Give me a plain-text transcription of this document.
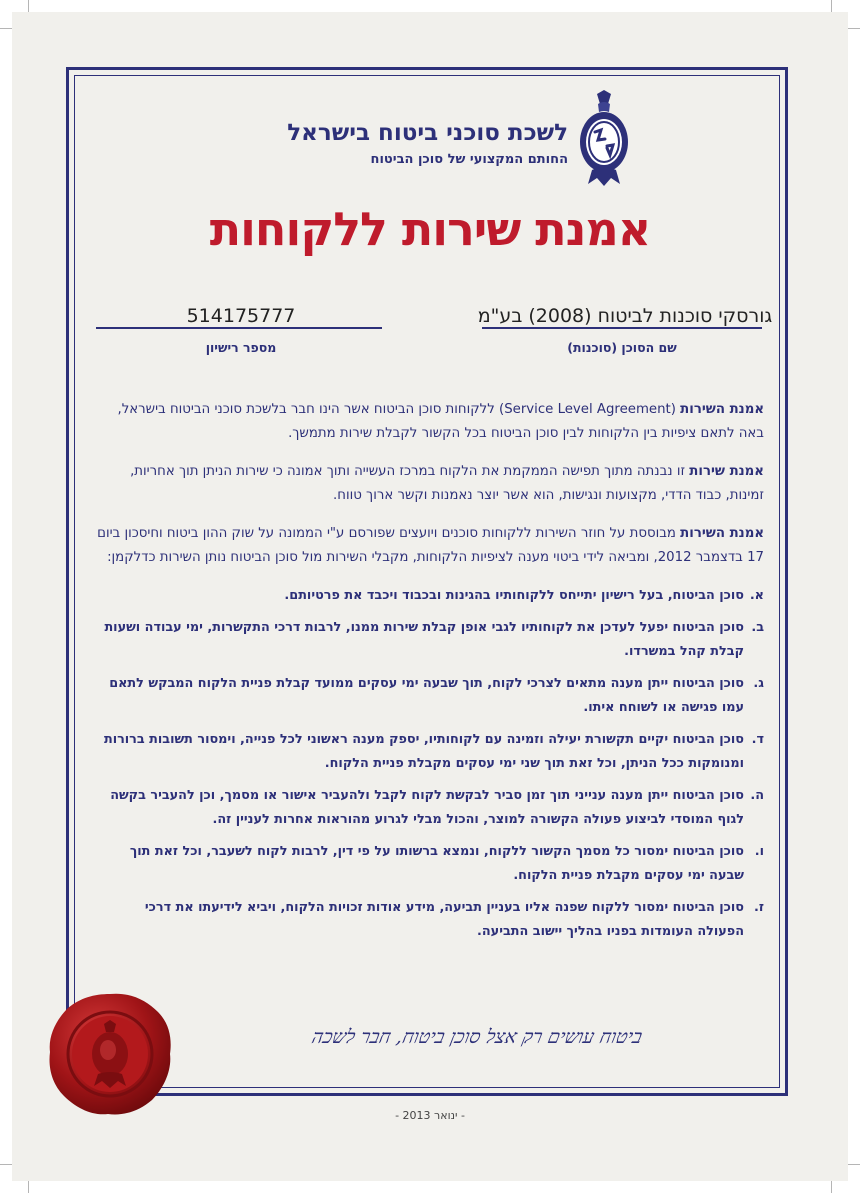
לשכת סוכני ביטוח בישראל
החותם המקצועי של סוכן הביטוח
אמנת שירות ללקוחות
גורסקי סוכנות לביטוח (2008) בע"מ
שם הסוכן (סוכנות)
514175777
מספר רישיון

אמנת השירות (Service Level Agreement) ללקוחות סוכן הביטוח אשר הינו חבר בלשכת סוכני הביטוח בישראל, באה לתאם ציפיות בין הלקוחות לבין סוכן הביטוח בכל הקשור לקבלת שירות מתמשך.

אמנת שירות זו נבנתה מתוך תפישה הממקמת את הלקוח במרכז העשייה ותוך אמונה כי שירות הניתן תוך אחריות, זמינות, כבוד הדדי, מקצועות ונגישות, הוא אשר יוצר נאמנות וקשר ארוך טווח.

אמנת השירות מבוססת על חוזר השירות ללקוחות סוכנים ויועצים שפורסם ע"י הממונה על שוק ההון ביטוח וחיסכון ביום 17 בדצמבר 2012, ומביאה לידי ביטוי מענה לציפיות הלקוחות, מקבלי השירות מול סוכן הביטוח נותן השירות כדלקמן:

א.
סוכן הביטוח, בעל רישיון יתייחס ללקוחותיו בהגינות ובכבוד ויכבד את פרטיותם.
ב.
סוכן הביטוח יפעל לעדכן את לקוחותיו לגבי אופן קבלת שירות ממנו, לרבות דרכי התקשרות, ימי עבודה ושעות קבלת קהל במשרדו.
ג.
סוכן הביטוח ייתן מענה מתאים לצרכי לקוח, תוך שבעה ימי עסקים ממועד קבלת פניית הלקוח המבקש לתאם עמו פגישה או לשוחח איתו.
ד.
סוכן הביטוח יקיים תקשורת יעילה וזמינה עם לקוחותיו, יספק מענה ראשוני לכל פנייה, וימסור תשובות ברורות ומנומקות ככל הניתן, וכל זאת תוך שני ימי עסקים מקבלת פניית הלקוח.
ה.
סוכן הביטוח ייתן מענה ענייני תוך זמן סביר לבקשת לקוח לקבל ולהעביר אישור או מסמך, וכן להעביר בקשה לגוף המוסדי לביצוע פעולה הקשורה למוצר, והכול מבלי לגרוע מהוראות אחרות לעניין זה.
ו.
סוכן הביטוח ימסור כל מסמך הקשור ללקוח, ונמצא ברשותו על פי דין, לרבות לקוח לשעבר, וכל זאת תוך שבעה ימי עסקים מקבלת פניית הלקוח.
ז.
סוכן הביטוח ימסור ללקוח שפנה אליו בעניין תביעה, מידע אודות זכויות הלקוח, ויביא לידיעתו את דרכי הפעולה העומדות בפניו בהליך יישוב התביעה.
ביטוח עושים רק אצל סוכן ביטוח, חבר לשכה
- ינואר 2013 -
